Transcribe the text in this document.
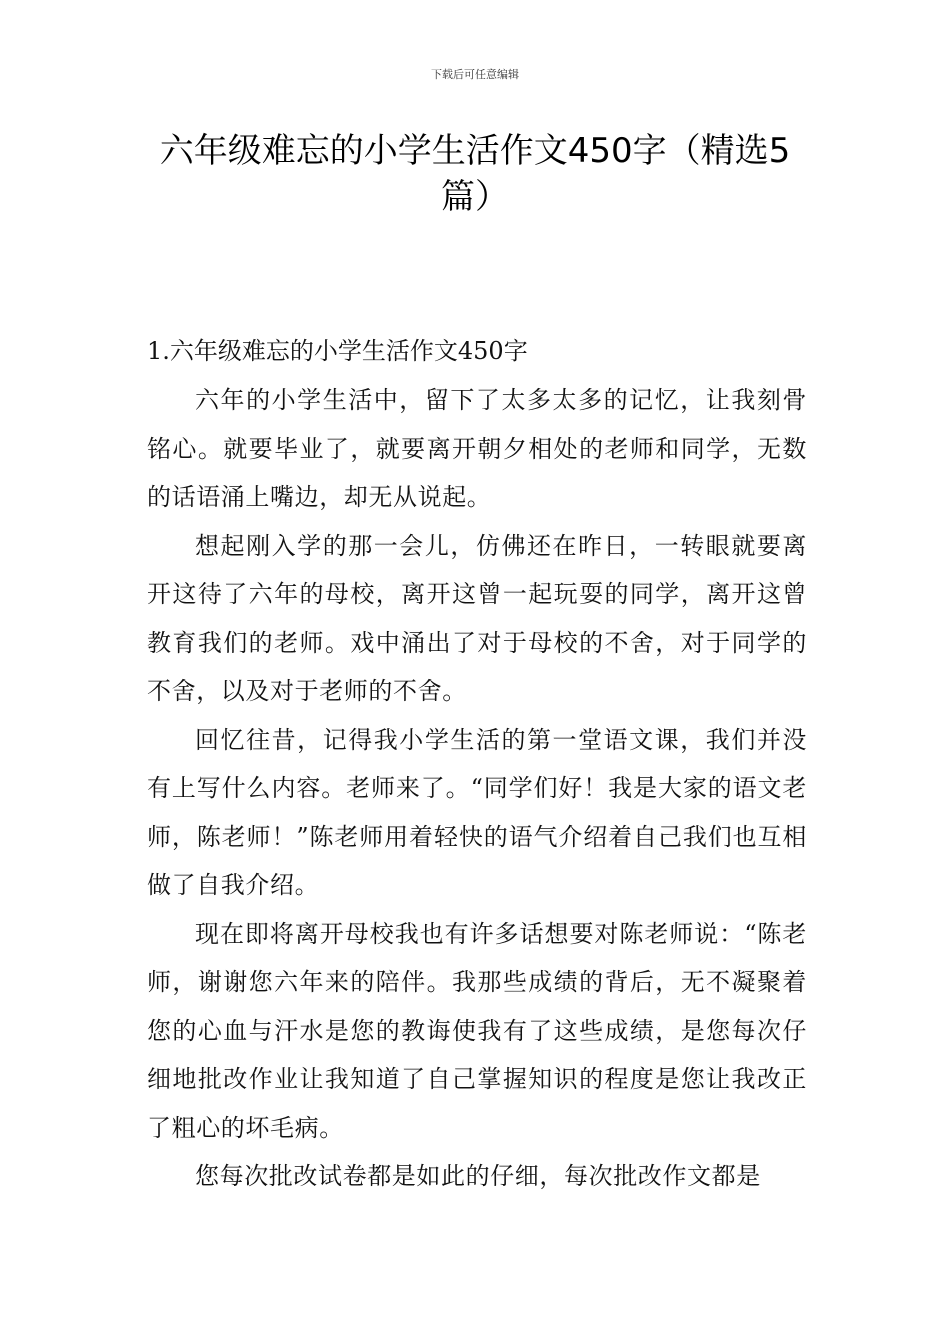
下载后可任意编辑
六年级难忘的小学生活作文450字（精选5篇）

1.六年级难忘的小学生活作文450字

六年的小学生活中，留下了太多太多的记忆，让我刻骨铭心。就要毕业了，就要离开朝夕相处的老师和同学，无数的话语涌上嘴边，却无从说起。

想起刚入学的那一会儿，仿佛还在昨日，一转眼就要离开这待了六年的母校，离开这曾一起玩耍的同学，离开这曾教育我们的老师。戏中涌出了对于母校的不舍，对于同学的不舍，以及对于老师的不舍。

回忆往昔，记得我小学生活的第一堂语文课，我们并没有上写什么内容。老师来了。“同学们好！我是大家的语文老师，陈老师！”陈老师用着轻快的语气介绍着自己我们也互相做了自我介绍。

现在即将离开母校我也有许多话想要对陈老师说：“陈老师，谢谢您六年来的陪伴。我那些成绩的背后，无不凝聚着您的心血与汗水是您的教诲使我有了这些成绩，是您每次仔细地批改作业让我知道了自己掌握知识的程度是您让我改正了粗心的坏毛病。

您每次批改试卷都是如此的仔细，每次批改作文都是
